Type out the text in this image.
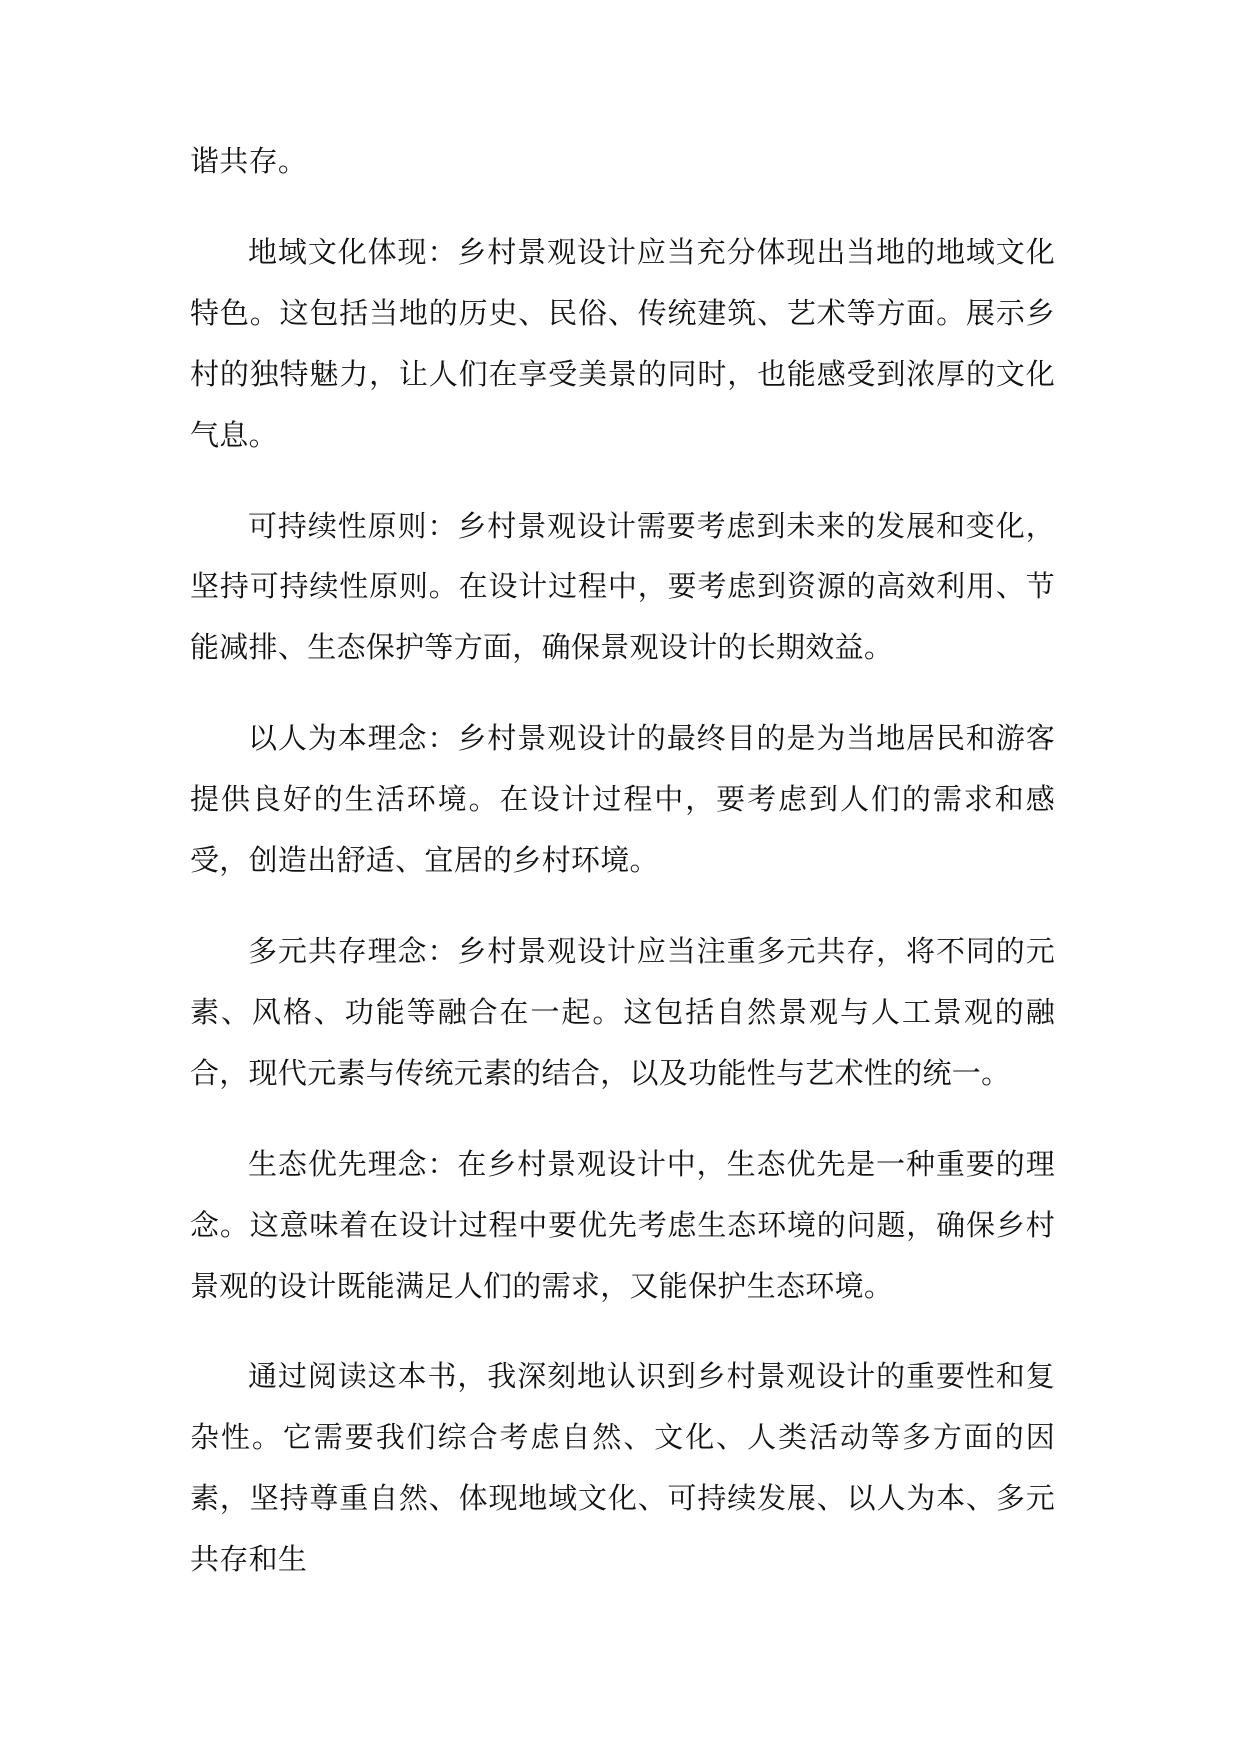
谐共存。

地域文化体现：乡村景观设计应当充分体现出当地的地域文化特色。这包括当地的历史、民俗、传统建筑、艺术等方面。展示乡村的独特魅力，让人们在享受美景的同时，也能感受到浓厚的文化气息。

可持续性原则：乡村景观设计需要考虑到未来的发展和变化，坚持可持续性原则。在设计过程中，要考虑到资源的高效利用、节能减排、生态保护等方面，确保景观设计的长期效益。

以人为本理念：乡村景观设计的最终目的是为当地居民和游客提供良好的生活环境。在设计过程中，要考虑到人们的需求和感受，创造出舒适、宜居的乡村环境。

多元共存理念：乡村景观设计应当注重多元共存，将不同的元素、风格、功能等融合在一起。这包括自然景观与人工景观的融合，现代元素与传统元素的结合，以及功能性与艺术性的统一。

生态优先理念：在乡村景观设计中，生态优先是一种重要的理念。这意味着在设计过程中要优先考虑生态环境的问题，确保乡村景观的设计既能满足人们的需求，又能保护生态环境。

通过阅读这本书，我深刻地认识到乡村景观设计的重要性和复杂性。它需要我们综合考虑自然、文化、人类活动等多方面的因素，坚持尊重自然、体现地域文化、可持续发展、以人为本、多元共存和生
